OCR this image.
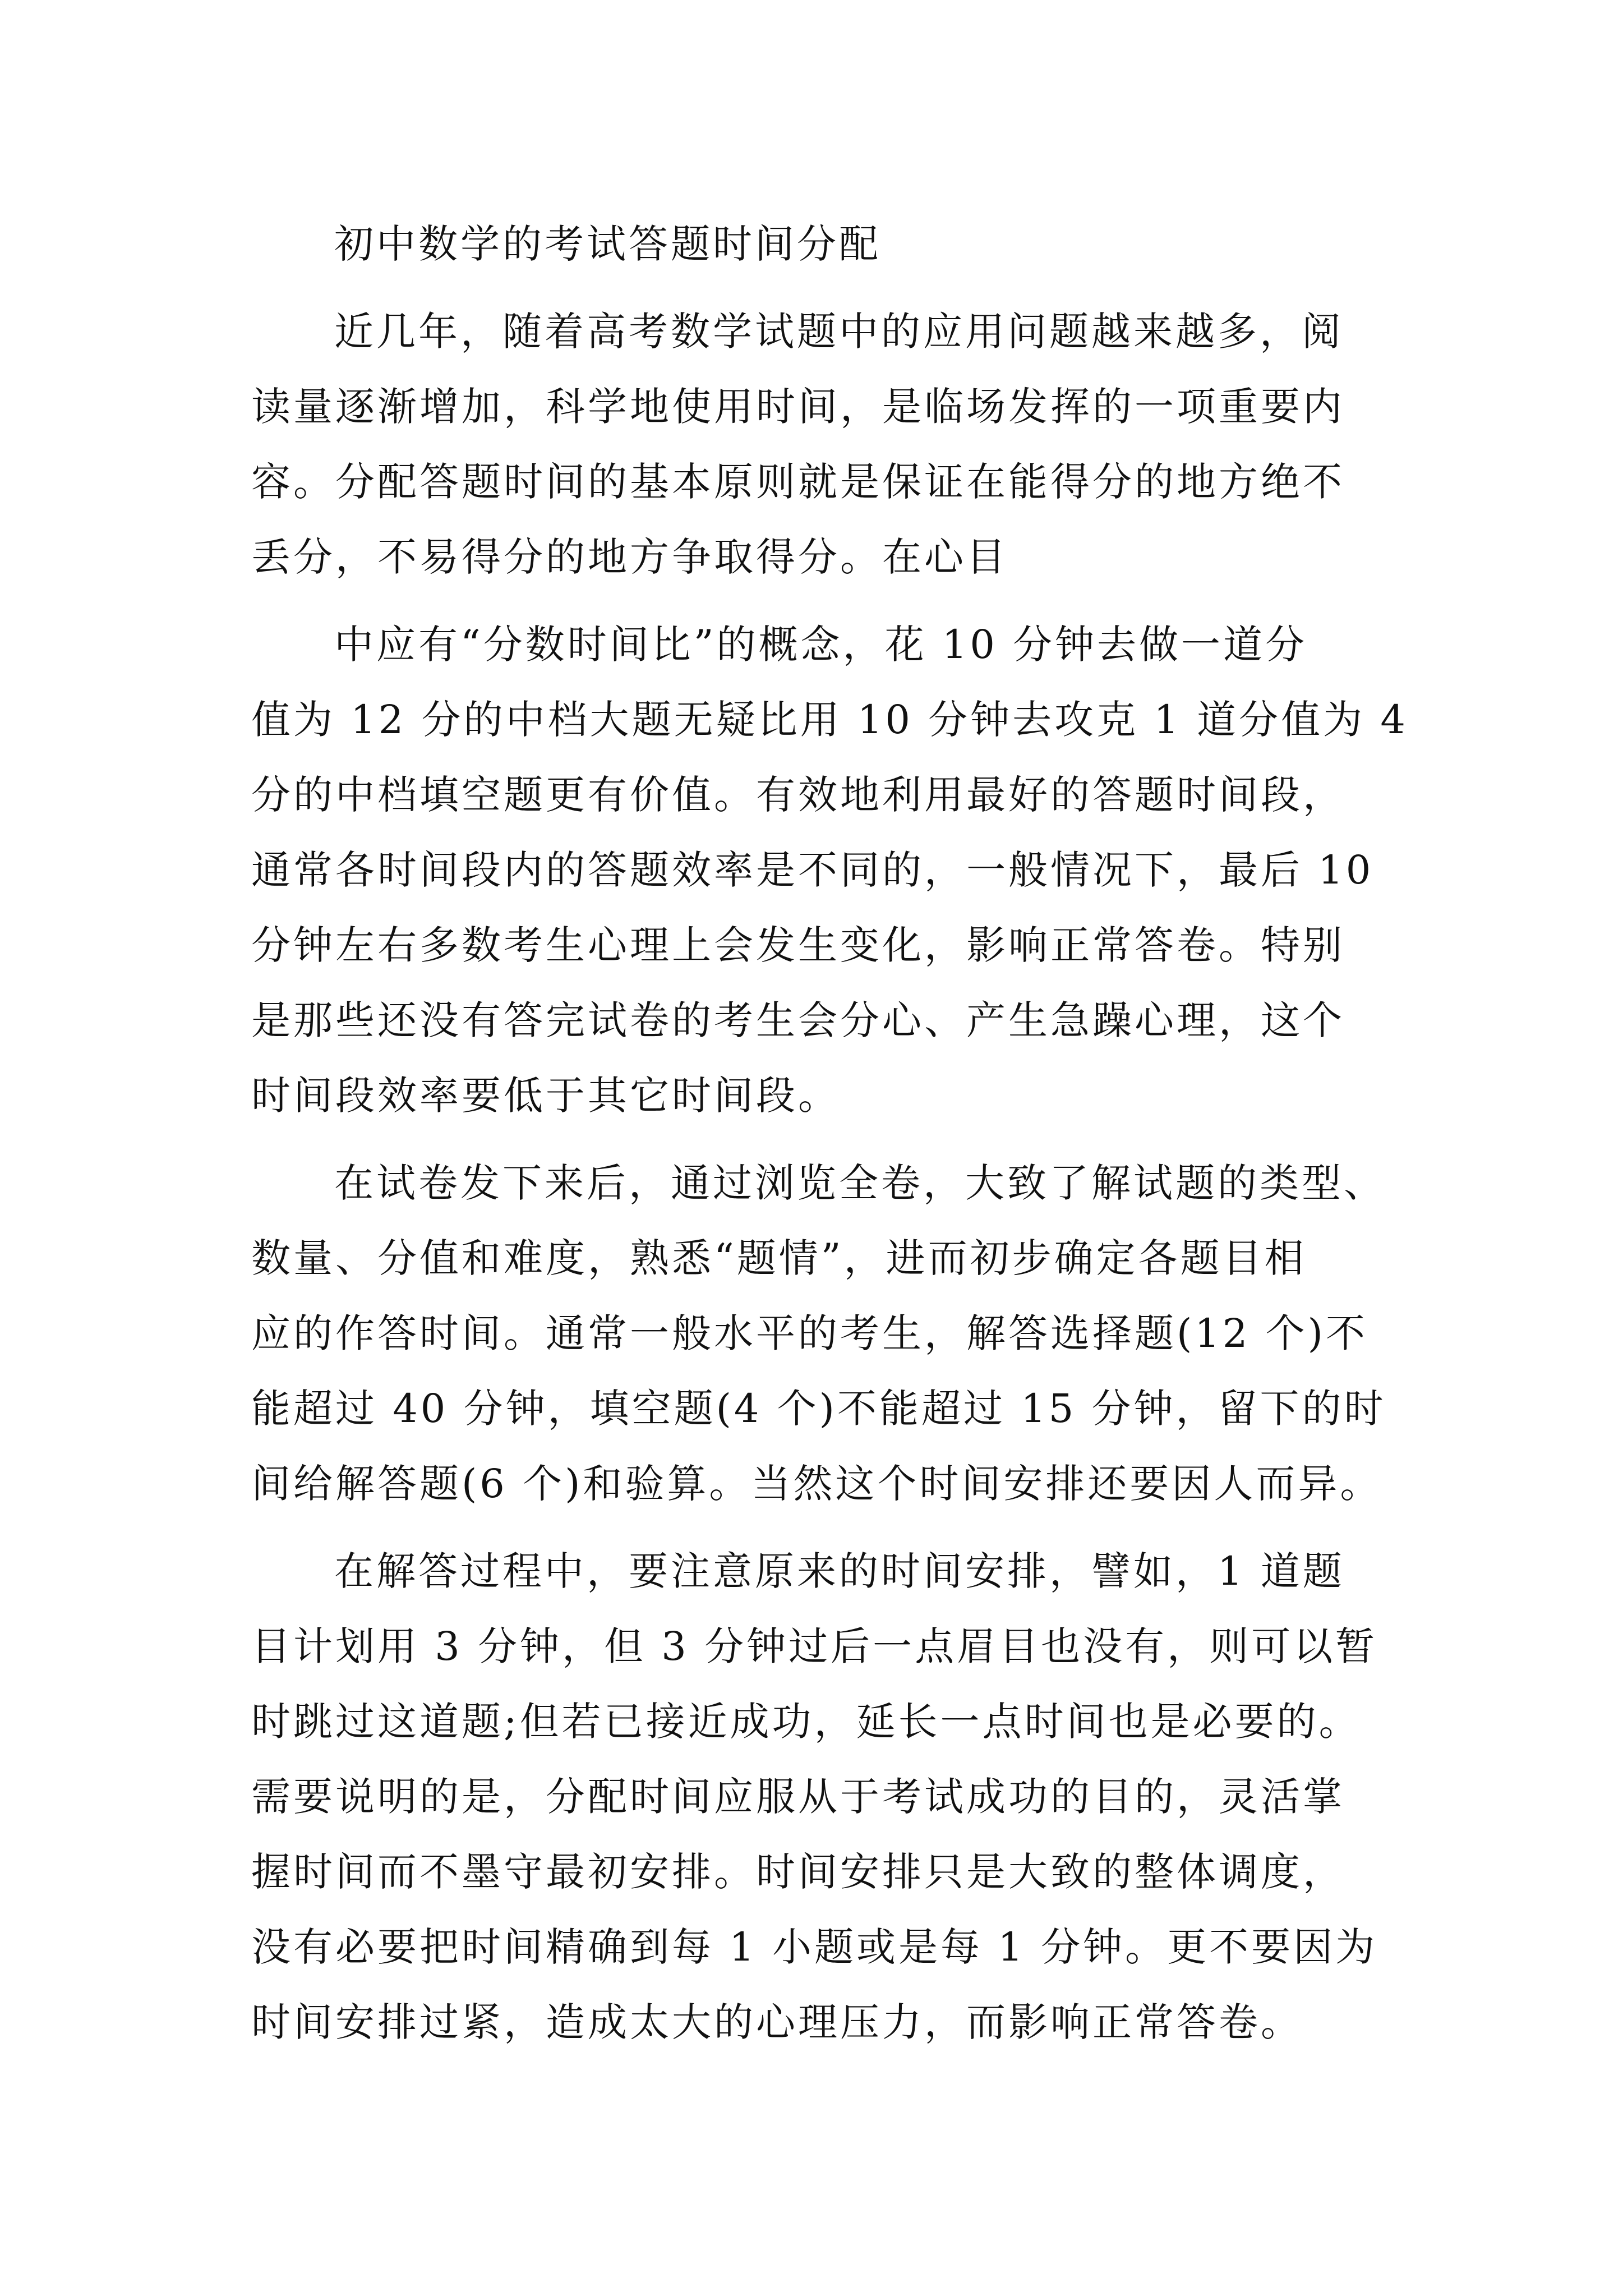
初中数学的考试答题时间分配
近几年，随着高考数学试题中的应用问题越来越多，阅
读量逐渐增加，科学地使用时间，是临场发挥的一项重要内
容。分配答题时间的基本原则就是保证在能得分的地方绝不
丢分，不易得分的地方争取得分。在心目
中应有“分数时间比”的概念，花 10 分钟去做一道分
值为 12 分的中档大题无疑比用 10 分钟去攻克 1 道分值为 4
分的中档填空题更有价值。有效地利用最好的答题时间段，
通常各时间段内的答题效率是不同的，一般情况下，最后 10
分钟左右多数考生心理上会发生变化，影响正常答卷。特别
是那些还没有答完试卷的考生会分心、产生急躁心理，这个
时间段效率要低于其它时间段。
在试卷发下来后，通过浏览全卷，大致了解试题的类型、
数量、分值和难度，熟悉“题情”，进而初步确定各题目相
应的作答时间。通常一般水平的考生，解答选择题(12 个)不
能超过 40 分钟，填空题(4 个)不能超过 15 分钟，留下的时
间给解答题(6 个)和验算。当然这个时间安排还要因人而异。
在解答过程中，要注意原来的时间安排，譬如，1 道题
目计划用 3 分钟，但 3 分钟过后一点眉目也没有，则可以暂
时跳过这道题;但若已接近成功，延长一点时间也是必要的。
需要说明的是，分配时间应服从于考试成功的目的，灵活掌
握时间而不墨守最初安排。时间安排只是大致的整体调度，
没有必要把时间精确到每 1 小题或是每 1 分钟。更不要因为
时间安排过紧，造成太大的心理压力，而影响正常答卷。
